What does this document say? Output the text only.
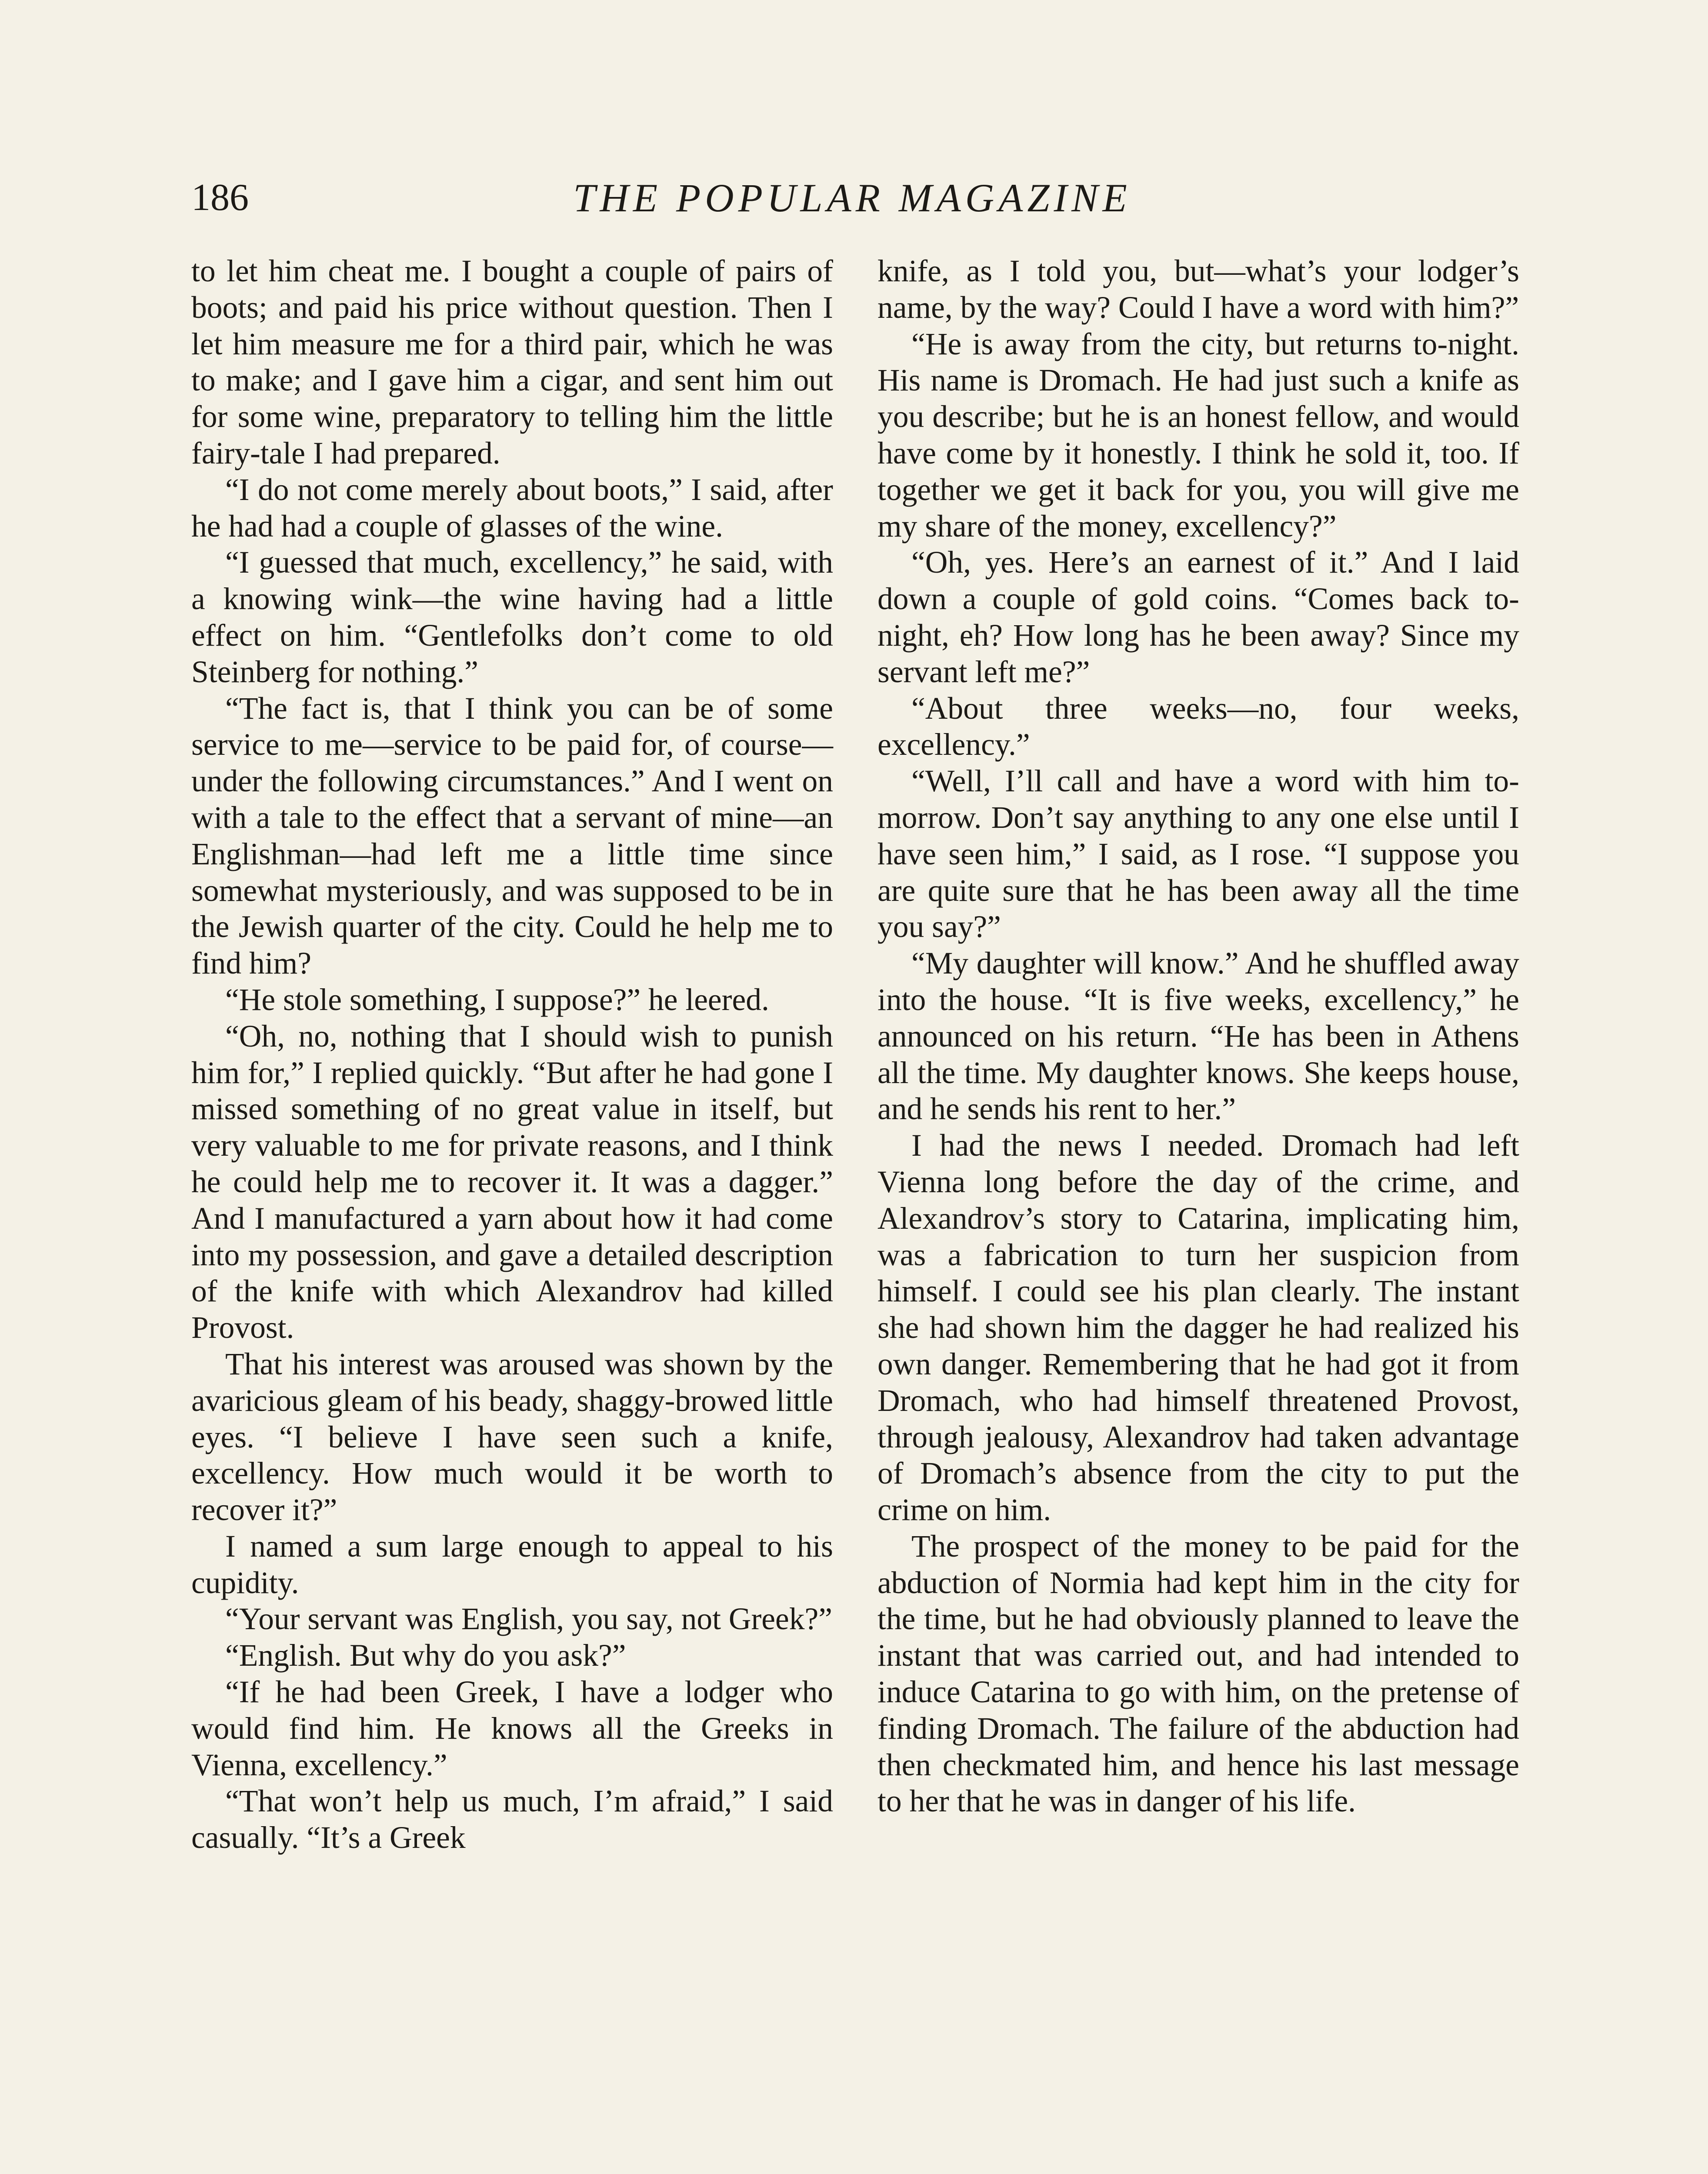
186	THE POPULAR MAGAZINE

to let him cheat me. I bought a couple of pairs of boots; and paid his price without question. Then I let him measure me for a third pair, which he was to make; and I gave him a cigar, and sent him out for some wine, preparatory to telling him the little fairy-tale I had prepared.

“I do not come merely about boots,” I said, after he had had a couple of glasses of the wine.

“I guessed that much, excellency,” he said, with a knowing wink—the wine having had a little effect on him. “Gentlefolks don’t come to old Steinberg for nothing.”

“The fact is, that I think you can be of some service to me—service to be paid for, of course—under the following circumstances.” And I went on with a tale to the effect that a servant of mine—an Englishman—had left me a little time since somewhat mysteriously, and was supposed to be in the Jewish quarter of the city. Could he help me to find him?

“He stole something, I suppose?” he leered.

“Oh, no, nothing that I should wish to punish him for,” I replied quickly. “But after he had gone I missed something of no great value in itself, but very valuable to me for private reasons, and I think he could help me to recover it. It was a dagger.” And I manufactured a yarn about how it had come into my possession, and gave a detailed description of the knife with which Alexandrov had killed Provost.

That his interest was aroused was shown by the avaricious gleam of his beady, shaggy-browed little eyes. “I believe I have seen such a knife, excellency. How much would it be worth to recover it?”

I named a sum large enough to appeal to his cupidity.

“Your servant was English, you say, not Greek?”

“English. But why do you ask?”

“If he had been Greek, I have a lodger who would find him. He knows all the Greeks in Vienna, excellency.”

“That won’t help us much, I’m afraid,” I said casually. “It’s a Greek

knife, as I told you, but—what’s your lodger’s name, by the way? Could I have a word with him?”

“He is away from the city, but returns to-night. His name is Dromach. He had just such a knife as you describe; but he is an honest fellow, and would have come by it honestly. I think he sold it, too. If together we get it back for you, you will give me my share of the money, excellency?”

“Oh, yes. Here’s an earnest of it.” And I laid down a couple of gold coins. “Comes back to-night, eh? How long has he been away? Since my servant left me?”

“About three weeks—no, four weeks, excellency.”

“Well, I’ll call and have a word with him to-morrow. Don’t say anything to any one else until I have seen him,” I said, as I rose. “I suppose you are quite sure that he has been away all the time you say?”

“My daughter will know.” And he shuffled away into the house. “It is five weeks, excellency,” he announced on his return. “He has been in Athens all the time. My daughter knows. She keeps house, and he sends his rent to her.”

I had the news I needed. Dromach had left Vienna long before the day of the crime, and Alexandrov’s story to Catarina, implicating him, was a fabrication to turn her suspicion from himself. I could see his plan clearly. The instant she had shown him the dagger he had realized his own danger. Remembering that he had got it from Dromach, who had himself threatened Provost, through jealousy, Alexandrov had taken advantage of Dromach’s absence from the city to put the crime on him.

The prospect of the money to be paid for the abduction of Normia had kept him in the city for the time, but he had obviously planned to leave the instant that was carried out, and had intended to induce Catarina to go with him, on the pretense of finding Dromach. The failure of the abduction had then checkmated him, and hence his last message to her that he was in danger of his life.
